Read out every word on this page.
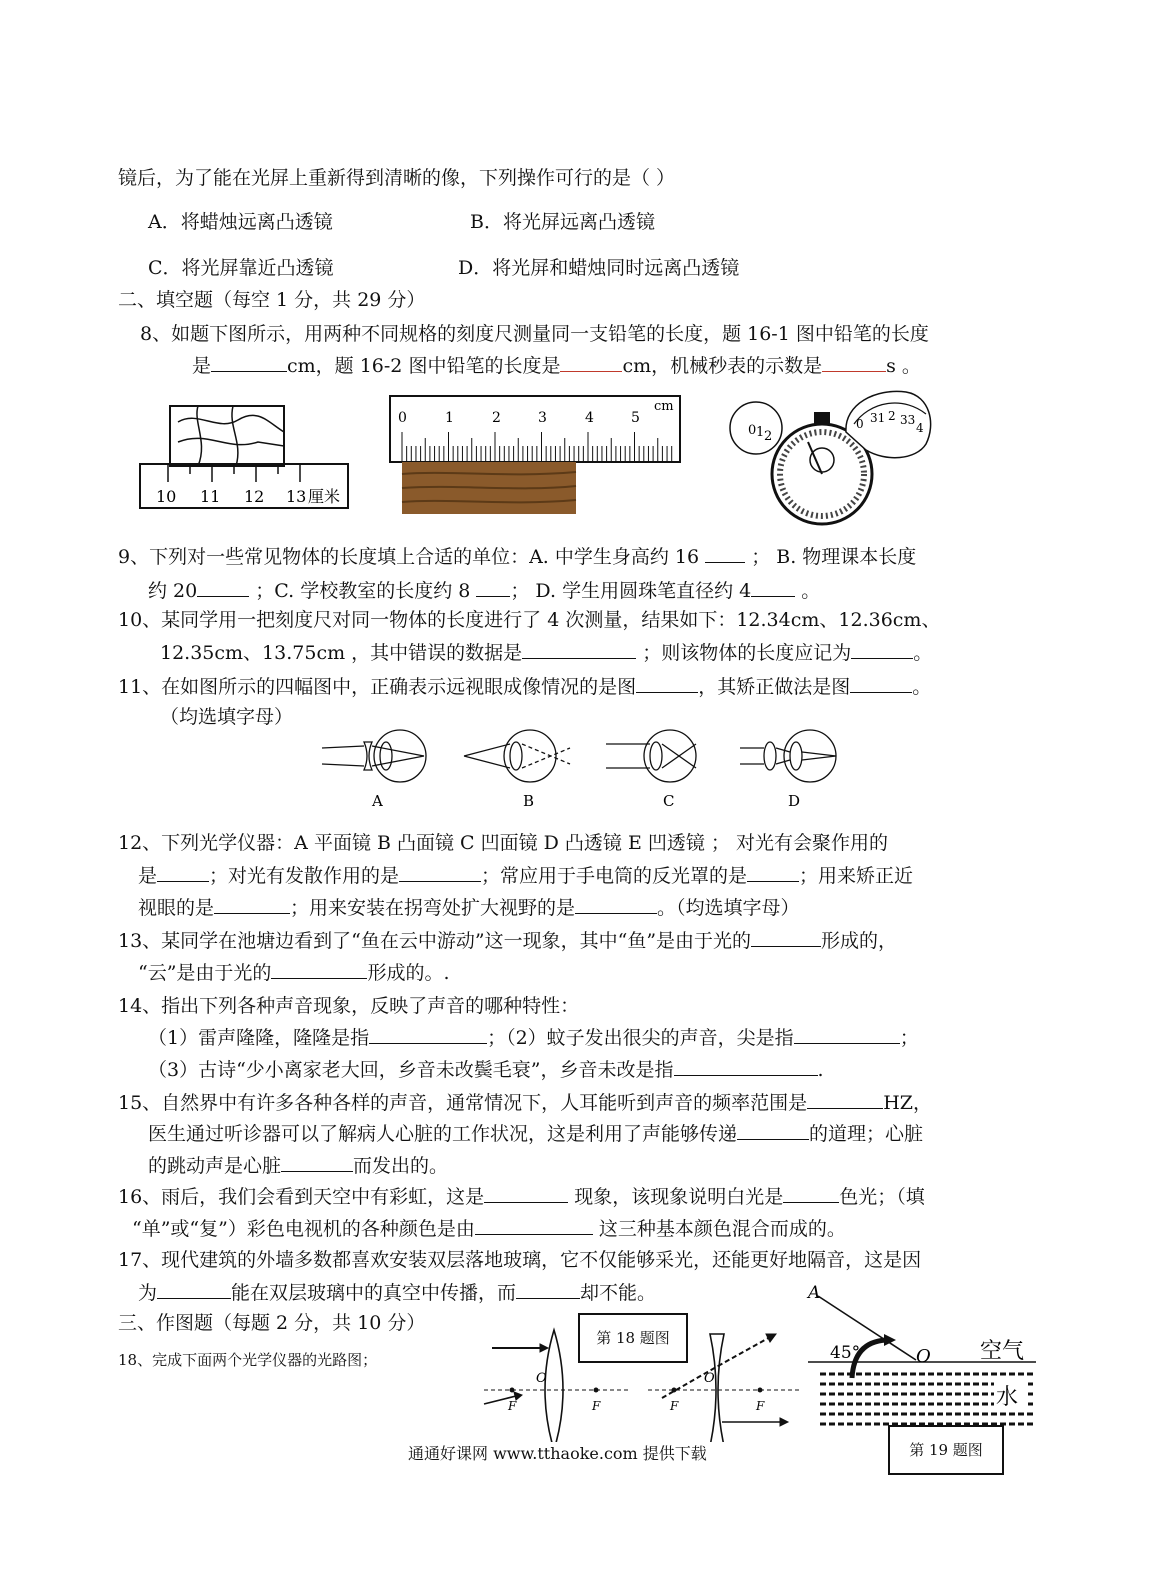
镜后，为了能在光屏上重新得到清晰的像，下列操作可行的是（ ）
A．将蜡烛远离凸透镜	B．将光屏远离凸透镜
C．将光屏靠近凸透镜	D．将光屏和蜡烛同时远离凸透镜
二、填空题（每空 1 分，共 29 分）
8、如题下图所示，用两种不同规格的刻度尺测量同一支铅笔的长度，题 16-1 图中铅笔的长度
是	cm，题 16-2 图中铅笔的长度是	cm，机械秒表的示数是	s 。
10 11 12 13 厘米
0	1	2	3	4	5
cm
0 1 2
0 31 2 33
4
9、下列对一些常见物体的长度填上合适的单位：A. 中学生身高约 16	； B. 物理课本长度
约 20	；C. 学校教室的长度约 8 ； D. 学生用圆珠笔直径约 4	。
10、某同学用一把刻度尺对同一物体的长度进行了 4 次测量，结果如下：12.34cm、12.36cm、
12.35cm、13.75cm ，其中错误的数据是	；则该物体的长度应记为	。
11、在如图所示的四幅图中，正确表示远视眼成像情况的是图	，其矫正做法是图	。
（均选填字母）
A	B	C	D
12、下列光学仪器：A 平面镜 B 凸面镜 C 凹面镜 D 凸透镜 E 凹透镜 ； 对光有会聚作用的
是	；对光有发散作用的是	；常应用于手电筒的反光罩的是	；用来矫正近
视眼的是	；用来安装在拐弯处扩大视野的是	。（均选填字母）
13、某同学在池塘边看到了“鱼在云中游动”这一现象，其中“鱼”是由于光的	形成的，
“云”是由于光的	形成的。.
14、指出下列各种声音现象，反映了声音的哪种特性：
（1）雷声隆隆，隆隆是指	；（2）蚊子发出很尖的声音，尖是指	；
（3）古诗“少小离家老大回，乡音未改鬓毛衰”，乡音未改是指	.
15、自然界中有许多各种各样的声音，通常情况下，人耳能听到声音的频率范围是	HZ，
医生通过听诊器可以了解病人心脏的工作状况，这是利用了声能够传递	的道理；心脏
的跳动声是心脏	而发出的。
16、雨后，我们会看到天空中有彩虹，这是	现象，该现象说明白光是	色光；（填
“单”或“复”）彩色电视机的各种颜色是由	这三种基本颜色混合而成的。
17、现代建筑的外墙多数都喜欢安装双层落地玻璃，它不仅能够采光，还能更好地隔音，这是因
为	能在双层玻璃中的真空中传播，而	却不能。
三、作图题（每题 2 分，共 10 分）
18、完成下面两个光学仪器的光路图；
第 18 题图
O
F	F
O
F	F
A
45°	O 空气
水
第 19 题图
通通好课网 www.tthaoke.com 提供下载
